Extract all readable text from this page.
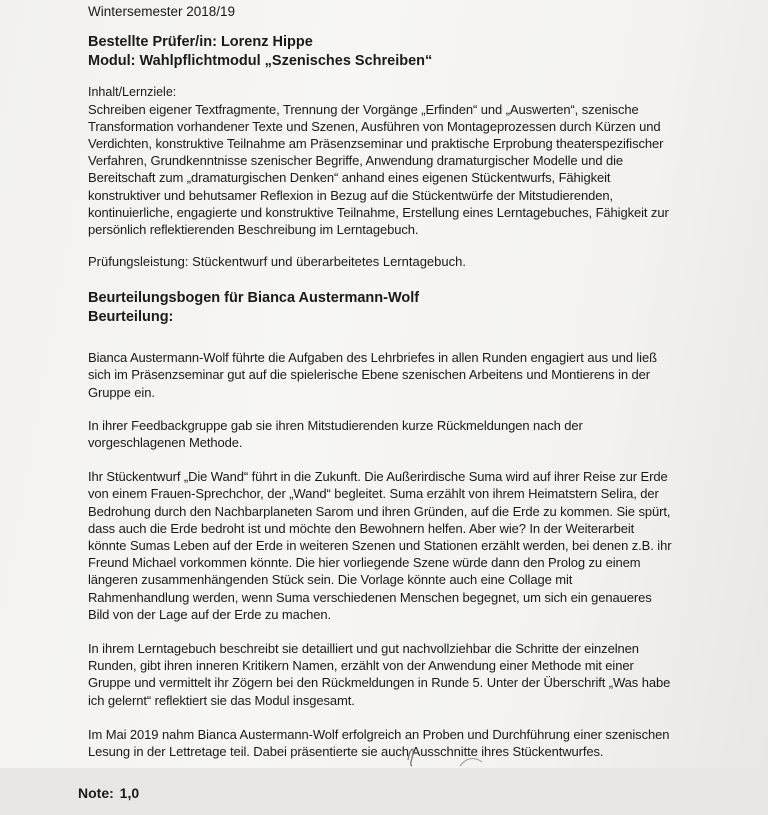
Wintersemester 2018/19

Bestellte Prüfer/in: Lorenz Hippe

Modul: Wahlpflichtmodul „Szenisches Schreiben“

Inhalt/Lernziele:

Schreiben eigener Textfragmente, Trennung der Vorgänge „Erfinden“ und „Auswerten“, szenische Transformation vorhandener Texte und Szenen, Ausführen von Montageprozessen durch Kürzen und Verdichten, konstruktive Teilnahme am Präsenzseminar und praktische Erprobung theaterspezifischer Verfahren, Grundkenntnisse szenischer Begriffe, Anwendung dramaturgischer Modelle und die Bereitschaft zum „dramaturgischen Denken“ anhand eines eigenen Stückentwurfs, Fähigkeit konstruktiver und behutsamer Reflexion in Bezug auf die Stückentwürfe der Mitstudierenden, kontinuierliche, engagierte und konstruktive Teilnahme, Erstellung eines Lerntagebuches, Fähigkeit zur persönlich reflektierenden Beschreibung im Lerntagebuch.

Prüfungsleistung: Stückentwurf und überarbeitetes Lerntagebuch.

Beurteilungsbogen für Bianca Austermann-Wolf

Beurteilung:

Bianca Austermann-Wolf führte die Aufgaben des Lehrbriefes in allen Runden engagiert aus und ließ sich im Präsenzseminar gut auf die spielerische Ebene szenischen Arbeitens und Montierens in der Gruppe ein.

In ihrer Feedbackgruppe gab sie ihren Mitstudierenden kurze Rückmeldungen nach der vorgeschlagenen Methode.

Ihr Stückentwurf „Die Wand“ führt in die Zukunft. Die Außerirdische Suma wird auf ihrer Reise zur Erde von einem Frauen-Sprechchor, der „Wand“ begleitet. Suma erzählt von ihrem Heimatstern Selira, der Bedrohung durch den Nachbarplaneten Sarom und ihren Gründen, auf die Erde zu kommen. Sie spürt, dass auch die Erde bedroht ist und möchte den Bewohnern helfen. Aber wie? In der Weiterarbeit könnte Sumas Leben auf der Erde in weiteren Szenen und Stationen erzählt werden, bei denen z.B. ihr Freund Michael vorkommen könnte. Die hier vorliegende Szene würde dann den Prolog zu einem längeren zusammenhängenden Stück sein. Die Vorlage könnte auch eine Collage mit Rahmenhandlung werden, wenn Suma verschiedenen Menschen begegnet, um sich ein genaueres Bild von der Lage auf der Erde zu machen.

In ihrem Lerntagebuch beschreibt sie detailliert und gut nachvollziehbar die Schritte der einzelnen Runden, gibt ihren inneren Kritikern Namen, erzählt von der Anwendung einer Methode mit einer Gruppe und vermittelt ihr Zögern bei den Rückmeldungen in Runde 5. Unter der Überschrift „Was habe ich gelernt“ reflektiert sie das Modul insgesamt.

Im Mai 2019 nahm Bianca Austermann-Wolf erfolgreich an Proben und Durchführung einer szenischen Lesung in der Lettretage teil. Dabei präsentierte sie auch Ausschnitte ihres Stückentwurfes.

Note: 1,0
